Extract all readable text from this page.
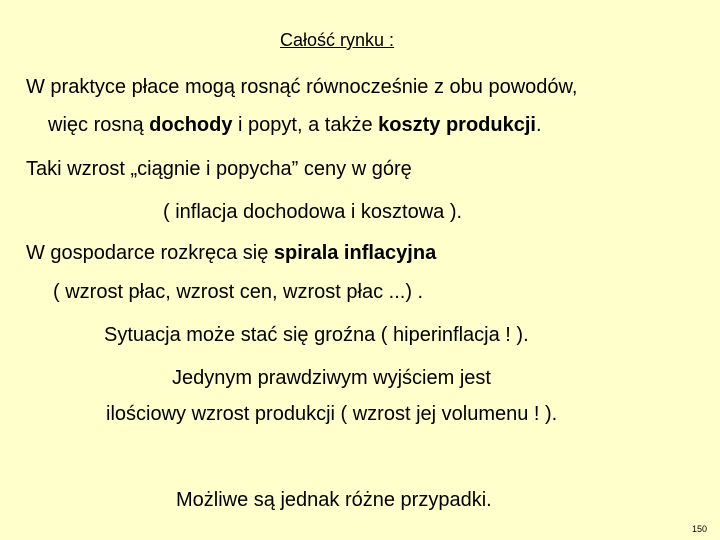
Całość rynku :
W praktyce płace mogą rosnąć równocześnie z obu powodów,
więc rosną dochody i popyt, a także koszty produkcji.
Taki wzrost „ciągnie i popycha” ceny w górę
( inflacja dochodowa i kosztowa ).
W gospodarce rozkręca się spirala inflacyjna
( wzrost płac, wzrost cen, wzrost płac ...) .
Sytuacja może stać się groźna ( hiperinflacja ! ).
Jedynym prawdziwym wyjściem jest
ilościowy wzrost produkcji ( wzrost jej volumenu ! ).
Możliwe są jednak różne przypadki.
150
